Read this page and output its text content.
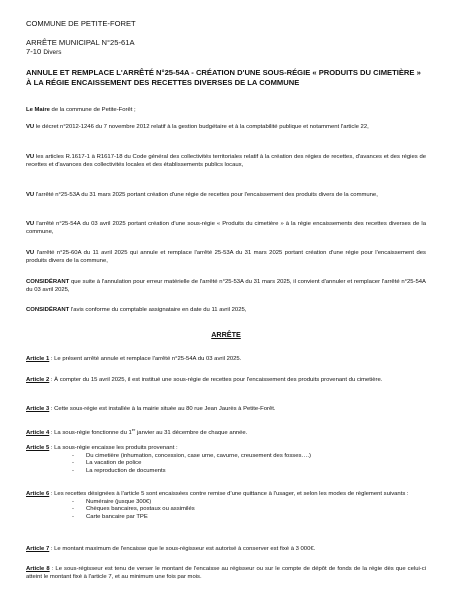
COMMUNE DE PETITE-FORET
ARRÊTE MUNICIPAL N°25-61A
7-10 Divers
ANNULE ET REMPLACE L'ARRÊTÉ N°25-54A - CRÉATION D'UNE SOUS-RÉGIE « PRODUITS DU CIMETIÈRE » À LA RÉGIE ENCAISSEMENT DES RECETTES DIVERSES DE LA COMMUNE
Le Maire de la commune de Petite-Forêt ;
VU le décret n°2012-1246 du 7 novembre 2012 relatif à la gestion budgétaire et à la comptabilité publique et notamment l'article 22,
VU les articles R.1617-1 à R1617-18 du Code général des collectivités territoriales relatif à la création des régies de recettes, d'avances et des régies de recettes et d'avances des collectivités locales et des établissements publics locaux,
VU l'arrêté n°25-53A du 31 mars 2025 portant création d'une régie de recettes pour l'encaissement des produits divers de la commune,
VU l'arrêté n°25-54A du 03 avril 2025 portant création d'une sous-régie « Produits du cimetière » à la régie encaissements des recettes diverses de la commune,
VU l'arrêté n°25-60A du 11 avril 2025 qui annule et remplace l'arrêté 25-53A du 31 mars 2025 portant création d'une régie pour l'encaissement des produits divers de la commune,
CONSIDÉRANT que suite à l'annulation pour erreur matérielle de l'arrêté n°25-53A du 31 mars 2025, il convient d'annuler et remplacer l'arrêté n°25-54A du 03 avril 2025,
CONSIDÉRANT l'avis conforme du comptable assignataire en date du 11 avril 2025,
ARRÊTE
Article 1 : Le présent arrêté annule et remplace l'arrêté n°25-54A du 03 avril 2025.
Article 2 : À compter du 15 avril 2025, il est institué une sous-régie de recettes pour l'encaissement des produits provenant du cimetière.
Article 3 : Cette sous-régie est installée à la mairie située au 80 rue Jean Jaurès à Petite-Forêt.
Article 4 : La sous-régie fonctionne du 1er janvier au 31 décembre de chaque année.
Article 5 : La sous-régie encaisse les produits provenant :
- Du cimetière (inhumation, concession, case urne, cavurne, creusement des fosses….)
- La vacation de police
- La reproduction de documents
Article 6 : Les recettes désignées à l'article 5 sont encaissées contre remise d'une quittance à l'usager, et selon les modes de règlement suivants :
- Numéraire (jusque 300€)
- Chèques bancaires, postaux ou assimilés
- Carte bancaire par TPE
Article 7 : Le montant maximum de l'encaisse que le sous-régisseur est autorisé à conserver est fixé à 3 000€.
Article 8 : Le sous-régisseur est tenu de verser le montant de l'encaisse au régisseur ou sur le compte de dépôt de fonds de la régie dès que celui-ci atteint le montant fixé à l'article 7, et au minimum une fois par mois.
